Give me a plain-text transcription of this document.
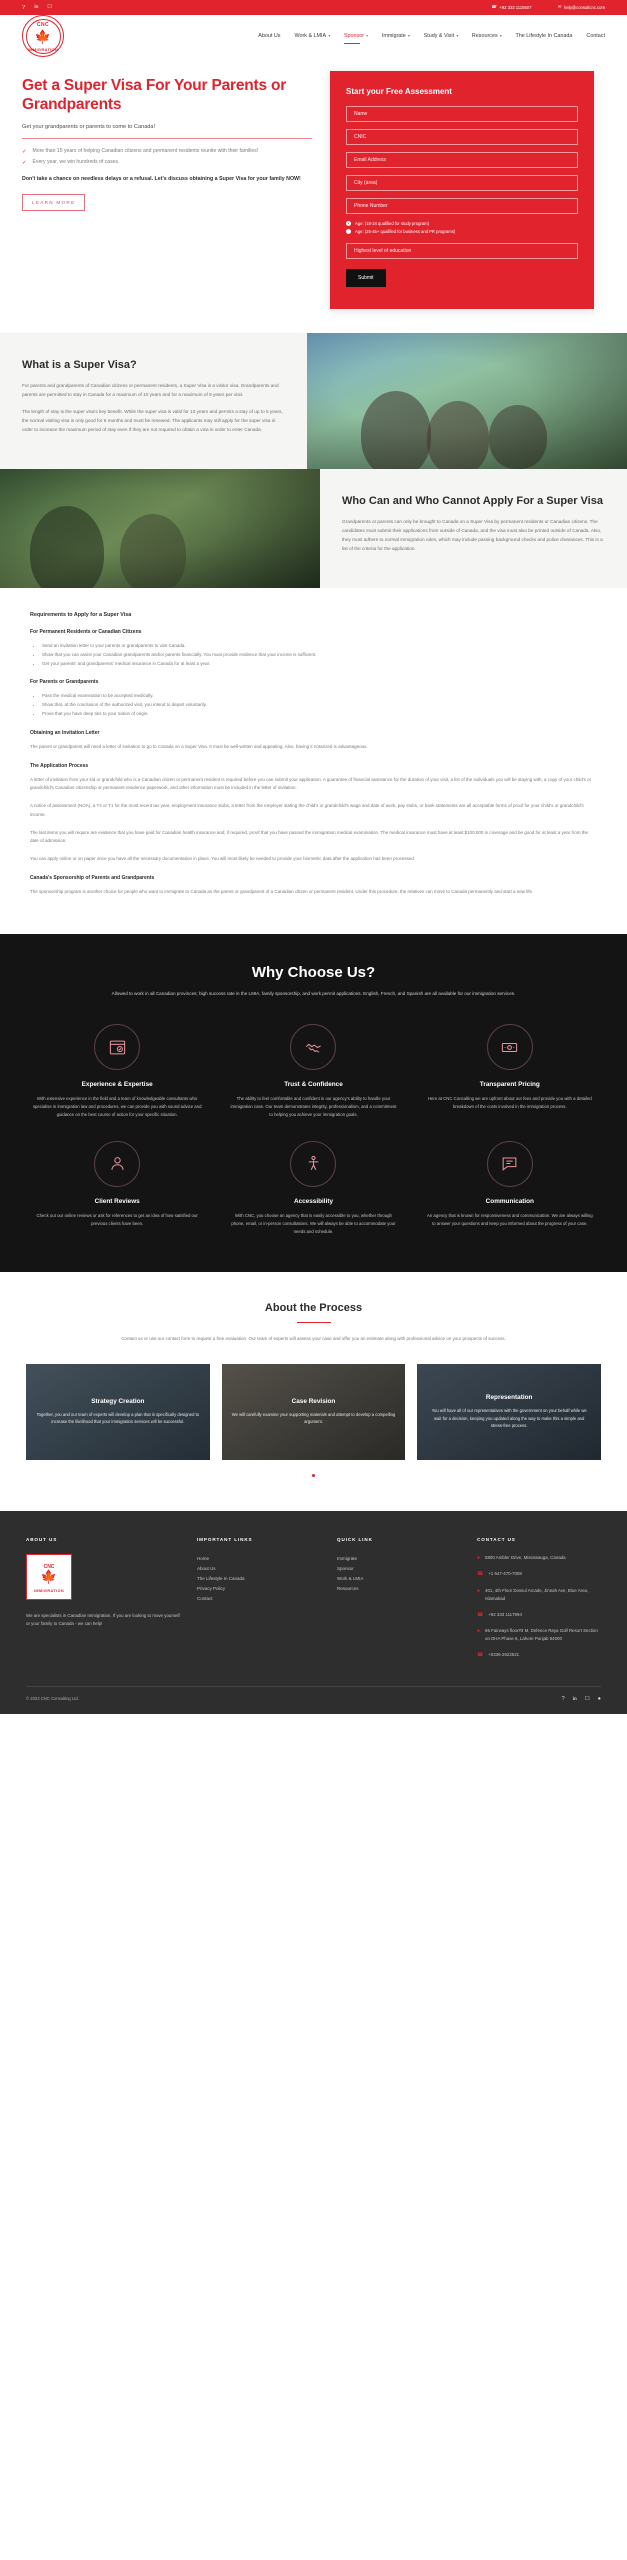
? in ☐	☎ +92 333 1115507	✉ help@consultcnc.com
CNC
🍁
IMMIGRATION
About Us	Work & LMIA ▾	Sponsor ▾	Immigrate ▾	Study & Visit ▾	Resources ▾	The Lifestyle In Canada	Contact
Get a Super Visa For Your Parents or Grandparents

Get your grandparents or parents to come to Canada!

✓ More than 15 years of helping Canadian citizens and permanent residents reunite with their families!
✓ Every year, we win hundreds of cases.

Don't take a chance on needless delays or a refusal. Let's discuss obtaining a Super Visa for your family NOW!

LEARN MORE
Start your Free Assessment
Name
CNIC
Email Address
City (area)
Phone Number
Age: (18-24 qualified for study program)
Age: (25-45+ qualified for business and PR programs)
Highest level of education Submit
What is a Super Visa?

For parents and grandparents of Canadian citizens or permanent residents, a Super Visa is a visitor visa. Grandparents and parents are permitted to stay in Canada for a maximum of 10 years and for a maximum of 5 years per visit.

The length of stay is the super visa's key benefit. While the super visa is valid for 10 years and permits a stay of up to 5 years, the normal visiting visa is only good for 6 months and must be renewed. The applicants may still apply for the super visa in order to increase the maximum period of stay even if they are not required to obtain a visa in order to enter Canada.

Who Can and Who Cannot Apply For a Super Visa

Grandparents or parents can only be brought to Canada on a Super Visa by permanent residents or Canadian citizens. The candidates must submit their applications from outside of Canada, and the visa must also be printed outside of Canada. Also, they must adhere to normal immigration rules, which may include passing background checks and police clearances. This is a list of the criteria for the application.

Requirements to Apply for a Super Visa
For Permanent Residents or Canadian Citizens
• Send an invitation letter to your parents or grandparents to visit Canada.
• Show that you can assist your Canadian grandparents and/or parents financially. You must provide evidence that your income is sufficient.
• Get your parents' and grandparents' medical insurance in Canada for at least a year.
For Parents or Grandparents
• Pass the medical examination to be accepted medically.
• Show that, at the conclusion of the authorized visit, you intend to depart voluntarily.
• Prove that you have deep ties to your nation of origin.
Obtaining an Invitation Letter

The parent or grandparent will need a letter of invitation to go to Canada on a Super Visa. It must be well-written and appealing. Also, having it notarized is advantageous.

The Application Process

A letter of invitation from your kid or grandchild who is a Canadian citizen or permanent resident is required before you can submit your application. A guarantee of financial assistance for the duration of your visit, a list of the individuals you will be staying with, a copy of your child's or grandchild's Canadian citizenship or permanent residence paperwork, and other information must be included in the letter of invitation.

A notice of assessment (NOA), a T4 or T1 for the most recent tax year, employment insurance stubs, a letter from the employer stating the child's or grandchild's wage and date of work, pay stubs, or bank statements are all acceptable forms of proof for your child's or grandchild's income.

The last items you will require are evidence that you have paid for Canadian health insurance and, if required, proof that you have passed the immigration medical examination. The medical insurance must have at least $100,000 in coverage and be good for at least a year from the date of admission.

You can apply online or on paper once you have all the necessary documentation in place. You will most likely be needed to provide your biometric data after the application has been processed.

Canada's Sponsorship of Parents and Grandparents

The sponsorship program is another choice for people who want to immigrate to Canada as the parent or grandparent of a Canadian citizen or permanent resident. Under this procedure, the relatives can move to Canada permanently and start a new life.

Why Choose Us?

Allowed to work in all Canadian provinces; high success rate in the LMIA, family sponsorship, and work permit applications. English, French, and Spanish are all available for our immigration services.

Experience & Expertise

With extensive experience in the field and a team of knowledgeable consultants who specialise in immigration law and procedures, we can provide you with sound advice and guidance on the best course of action for your specific situation.

Trust & Confidence

The ability to feel comfortable and confident in our agency's ability to handle your immigration case. Our team demonstrates integrity, professionalism, and a commitment to helping you achieve your immigration goals.

Transparent Pricing

Here at CNC Consulting we are upfront about our fees and provide you with a detailed breakdown of the costs involved in the immigration process.

Client Reviews

Check out our online reviews or ask for references to get an idea of how satisfied our previous clients have been.

Accessibility

With CNC, you choose an agency that is easily accessible to you, whether through phone, email, or in-person consultations. We will always be able to accommodate your needs and schedule.

Communication

An agency that is known for responsiveness and communication. We are always willing to answer your questions and keep you informed about the progress of your case.

About the Process

Contact us or use our contact form to request a free evaluation. Our team of experts will assess your case and offer you an estimate along with professional advice on your prospects of success.

Strategy Creation

Together, you and our team of experts will develop a plan that is specifically designed to increase the likelihood that your immigration services will be successful.

Case Revision

We will carefully examine your supporting materials and attempt to develop a compelling argument.

Representation

You will have all of our representatives with the government on your behalf while we wait for a decision, keeping you updated along the way to make this a simple and stress-free process.

ABOUT US
CNC
🍁
IMMIGRATION

We are specialists in Canadian Immigration. If you are looking to move yourself or your family to Canada - we can help!

IMPORTANT LINKS
Home
About Us
The Lifestyle In Canada
Privacy Policy
Contact
QUICK LINK
Immigrate
Sponsor
Work & LMIA
Resources
CONTACT US
● 5800 Ambler Drive, Mississauga, Canada
☎ +1 647-470-7008
● 401, 4th Floor Dossul Arcade, Jinnah Ave, Blue Area, Islamabad
☎ +92 333 1117994
● 65 Fairways floor#3 M, Defence Raya Golf Resort Section on DHA Phase 6, Lahore Punjab 54000
☎ +0336-2622621
© 2023 CNC Consulting Ltd.	? in ☐ ●
